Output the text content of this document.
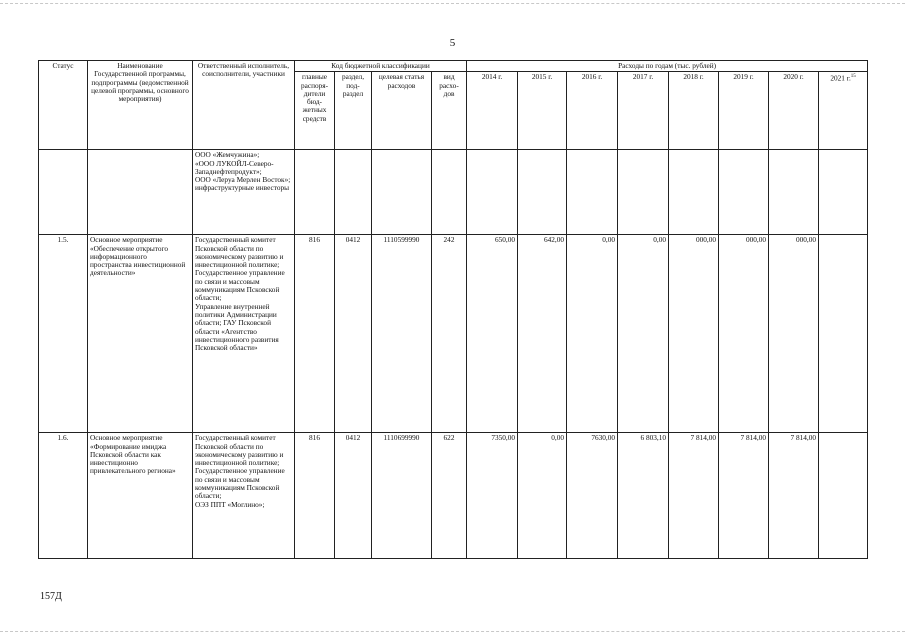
5
Статус	Наименование Государственной программы, подпрограммы (ведомственной целевой программы, основного мероприятия)	Ответственный исполнитель, соисполнители, участники	Код бюджетной классификации				Расходы по годам (тыс. рублей)							
			главные распоря-дители бюд-жетных средств	раздел, под-раздел	целевая статья расходов	вид расхо-дов	2014 г.	2015 г.	2016 г.	2017 г.	2018 г.	2019 г.	2020 г.	2021 г.$^{15}$

		ООО «Жемчужина»;
«ООО ЛУКОЙЛ-Северо-Западнефтепродукт»;
ООО «Леруа Мерлен Восток»;
инфраструктурные инвесторы												

1.5.	Основное мероприятие «Обеспечение открытого информационного пространства инвестиционной деятельности»	Государственный комитет Псковской области по экономическому развитию и инвестиционной политике;
Государственное управление по связи и массовым коммуникациям Псковской области;
Управление внутренней политики Администрации области; ГАУ Псковской области «Агентство инвестиционного развития Псковской области»	816	0412	1110599990	242	650,00	642,00	0,00	0,00	000,00	000,00	000,00	
1.6.	Основное мероприятие «Формирование имиджа Псковской области как инвестиционно привлекательного региона»	Государственный комитет Псковской области по экономическому развитию и инвестиционной политике;
Государственное управление по связи и массовым коммуникациям Псковской области;
ОЭЗ ППТ «Моглино»;	816	0412	1110699990	622	7350,00	0,00	7630,00	6 803,10	7 814,00	7 814,00	7 814,00	
157Д
